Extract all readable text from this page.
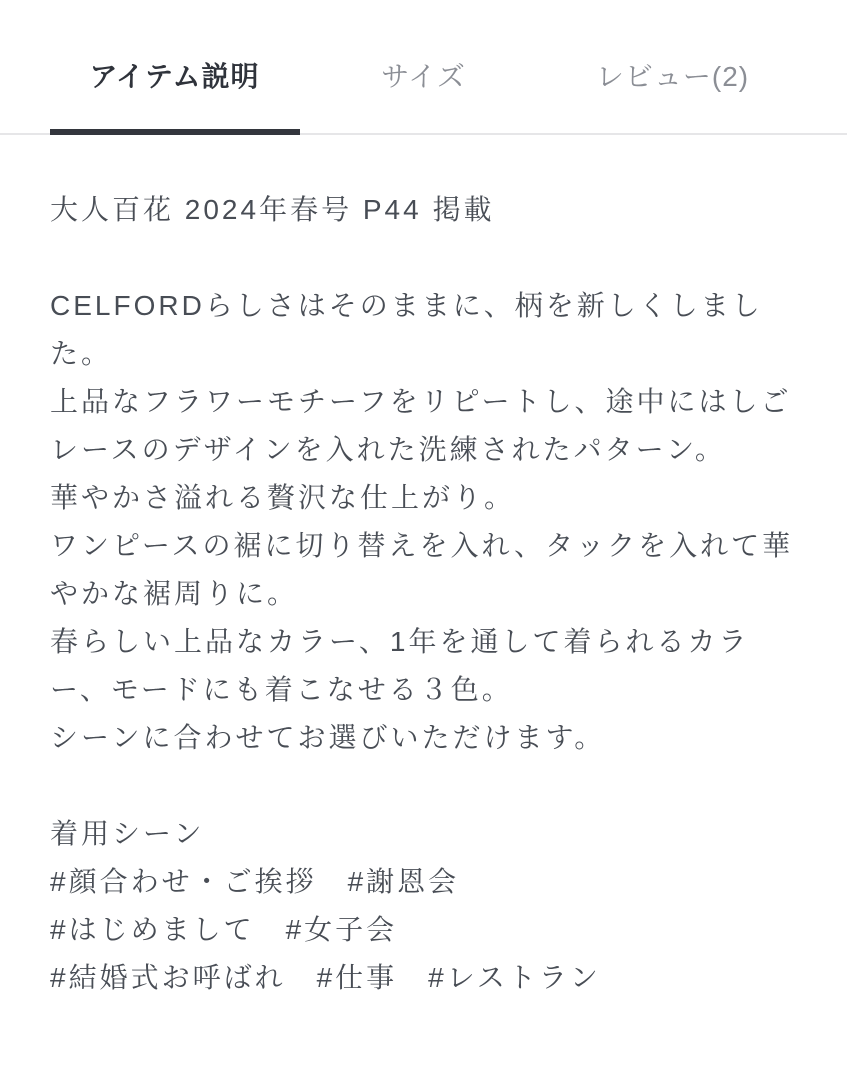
アイテム説明	サイズ	レビュー(2)
大人百花 2024年春号 P44 掲載
CELFORDらしさはそのままに、柄を新しくしまし
た。
上品なフラワーモチーフをリピートし、途中にはしご
レースのデザインを入れた洗練されたパターン。
華やかさ溢れる贅沢な仕上がり。
ワンピースの裾に切り替えを入れ、タックを入れて華
やかな裾周りに。
春らしい上品なカラー、1年を通して着られるカラ
ー、モードにも着こなせる３色。
シーンに合わせてお選びいただけます。
着用シーン
#顔合わせ・ご挨拶　#謝恩会
#はじめまして　#女子会
#結婚式お呼ばれ　#仕事　#レストラン
